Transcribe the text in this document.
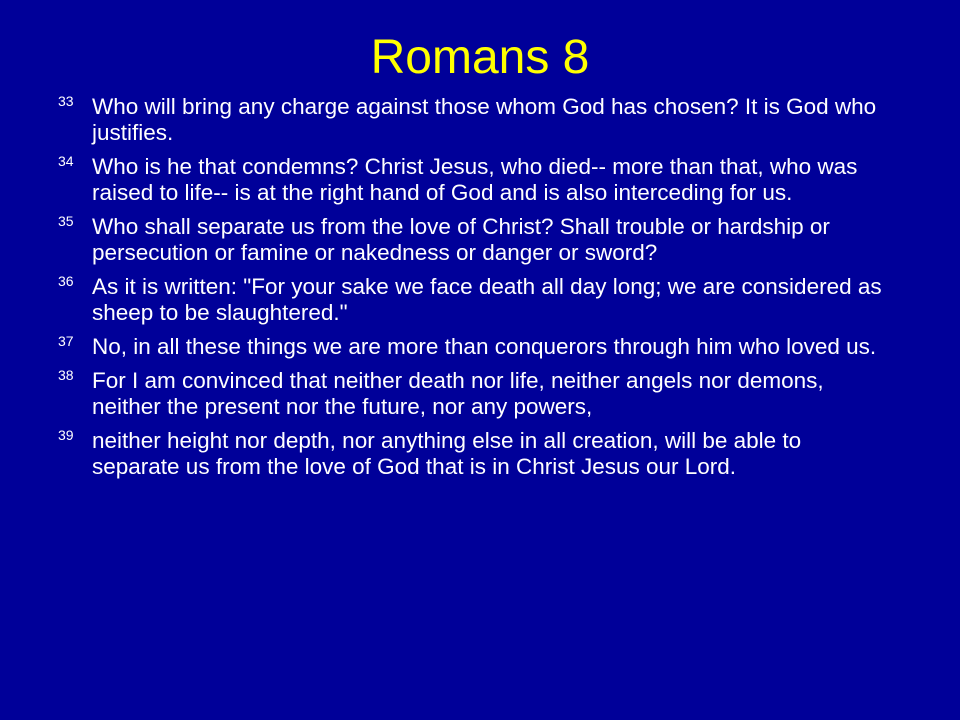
Romans 8
33 Who will bring any charge against those whom God has chosen? It is God who justifies.
34 Who is he that condemns? Christ Jesus, who died-- more than that, who was raised to life-- is at the right hand of God and is also interceding for us.
35 Who shall separate us from the love of Christ? Shall trouble or hardship or persecution or famine or nakedness or danger or sword?
36 As it is written: "For your sake we face death all day long; we are considered as sheep to be slaughtered."
37 No, in all these things we are more than conquerors through him who loved us.
38 For I am convinced that neither death nor life, neither angels nor demons, neither the present nor the future, nor any powers,
39 neither height nor depth, nor anything else in all creation, will be able to separate us from the love of God that is in Christ Jesus our Lord.
